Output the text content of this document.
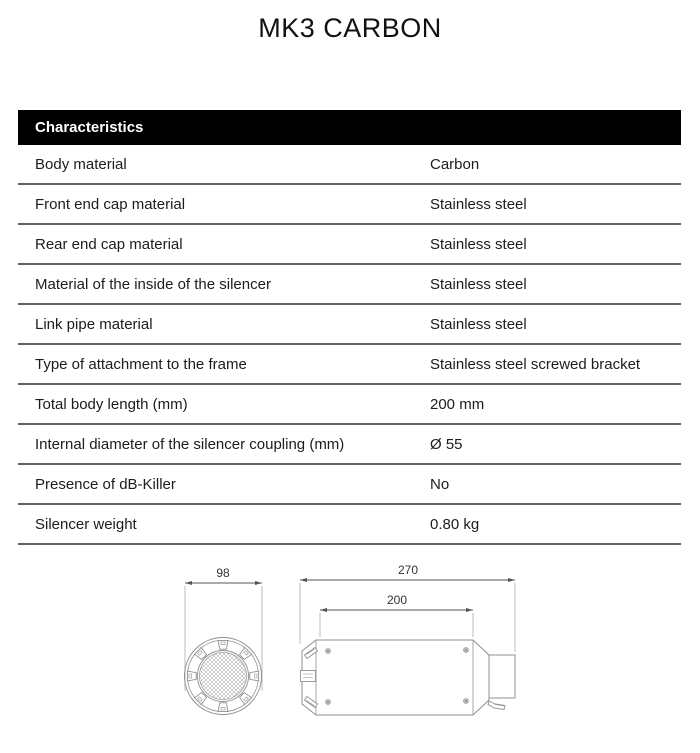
MK3 CARBON
Characteristics
Body material	Carbon
Front end cap material	Stainless steel
Rear end cap material	Stainless steel
Material of the inside of the silencer	Stainless steel
Link pipe material	Stainless steel
Type of attachment to the frame	Stainless steel screwed bracket
Total body length (mm)	200 mm
Internal diameter of the silencer coupling (mm)	Ø 55
Presence of dB-Killer	No
Silencer weight	0.80 kg
98	270
200
